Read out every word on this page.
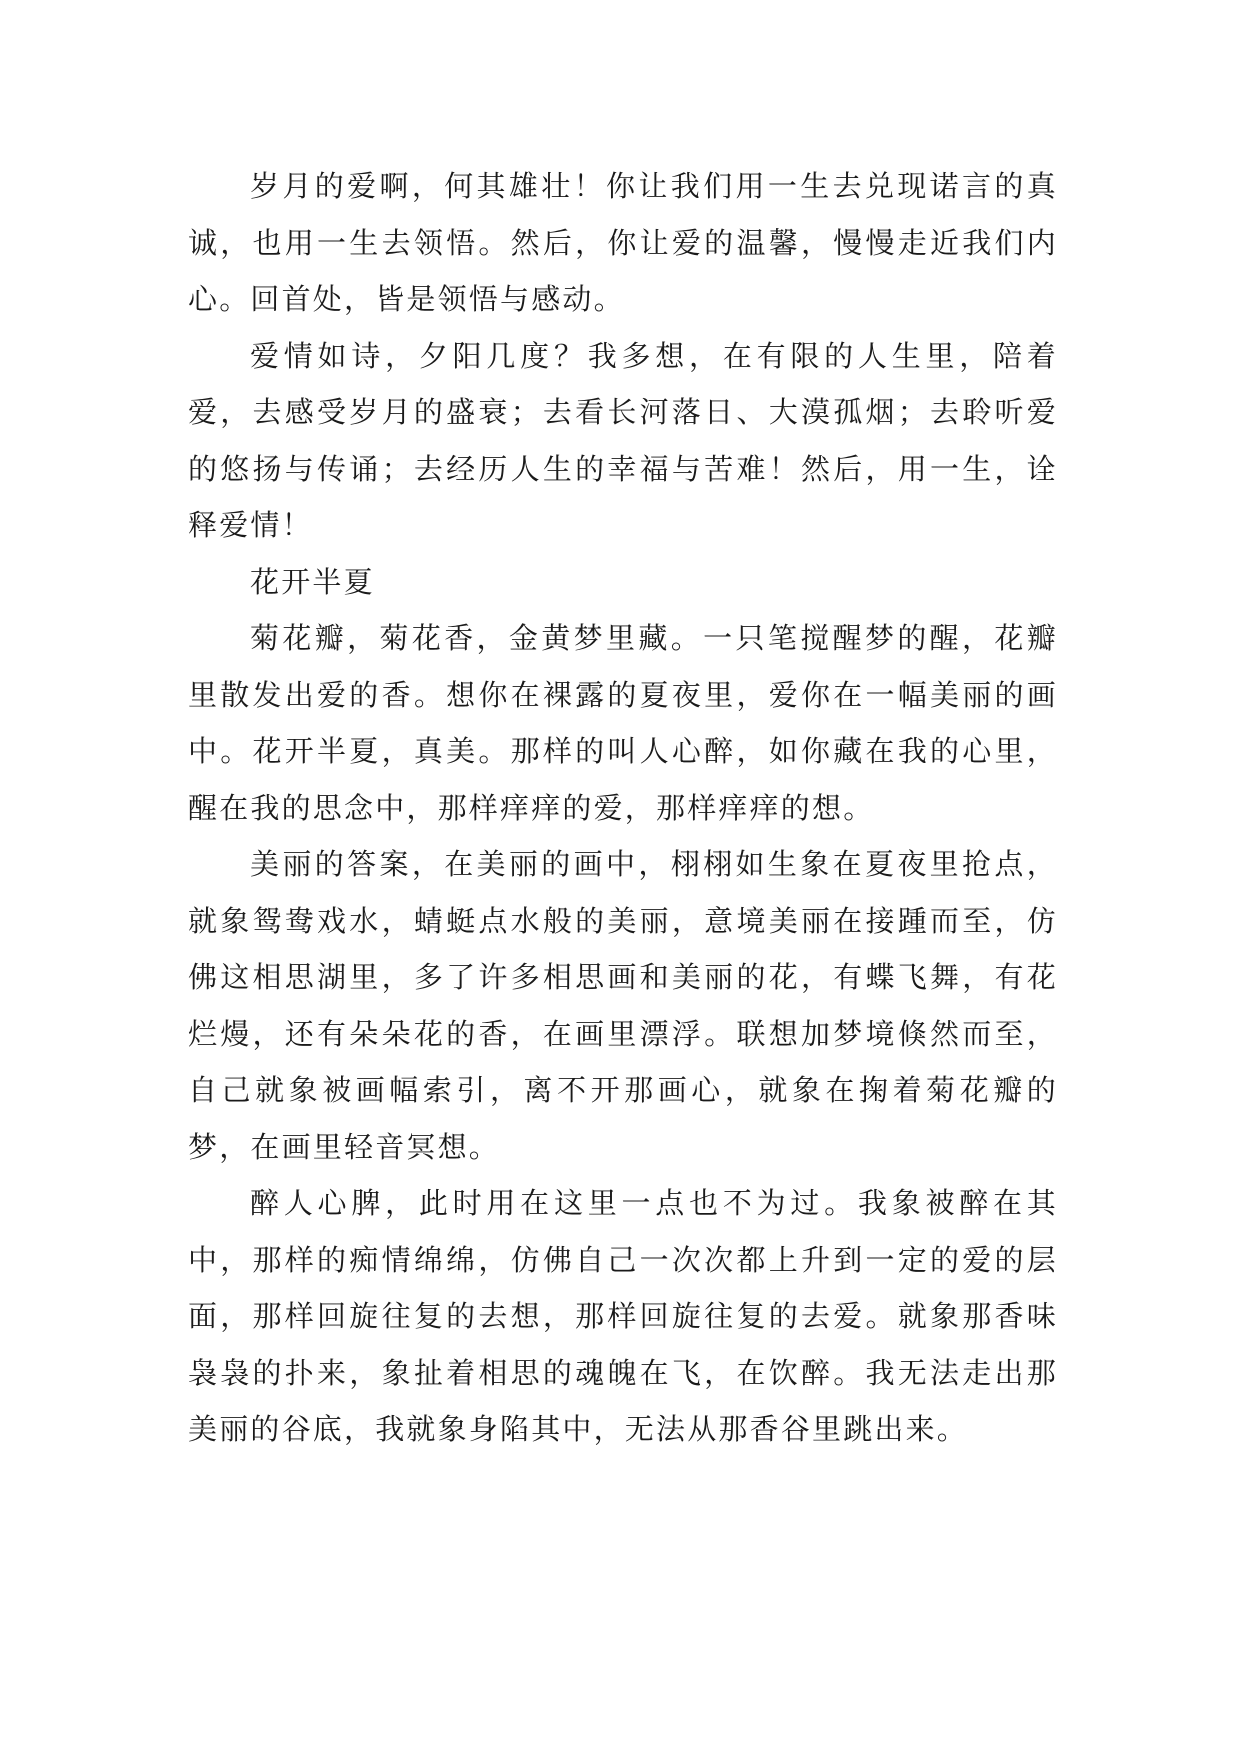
岁月的爱啊，何其雄壮！你让我们用一生去兑现诺言的真诚，也用一生去领悟。然后，你让爱的温馨，慢慢走近我们内心。回首处，皆是领悟与感动。

爱情如诗，夕阳几度？我多想，在有限的人生里，陪着爱，去感受岁月的盛衰；去看长河落日、大漠孤烟；去聆听爱的悠扬与传诵；去经历人生的幸福与苦难！然后，用一生，诠释爱情！

花开半夏

菊花瓣，菊花香，金黄梦里藏。一只笔搅醒梦的醒，花瓣里散发出爱的香。想你在裸露的夏夜里，爱你在一幅美丽的画中。花开半夏，真美。那样的叫人心醉，如你藏在我的心里，醒在我的思念中，那样痒痒的爱，那样痒痒的想。

美丽的答案，在美丽的画中，栩栩如生象在夏夜里抢点，就象鸳鸯戏水，蜻蜓点水般的美丽，意境美丽在接踵而至，仿佛这相思湖里，多了许多相思画和美丽的花，有蝶飞舞，有花烂熳，还有朵朵花的香，在画里漂浮。联想加梦境倏然而至，自己就象被画幅索引，离不开那画心，就象在掬着菊花瓣的梦，在画里轻音冥想。

醉人心脾，此时用在这里一点也不为过。我象被醉在其中，那样的痴情绵绵，仿佛自己一次次都上升到一定的爱的层面，那样回旋往复的去想，那样回旋往复的去爱。就象那香味袅袅的扑来，象扯着相思的魂魄在飞，在饮醉。我无法走出那美丽的谷底，我就象身陷其中，无法从那香谷里跳出来。
